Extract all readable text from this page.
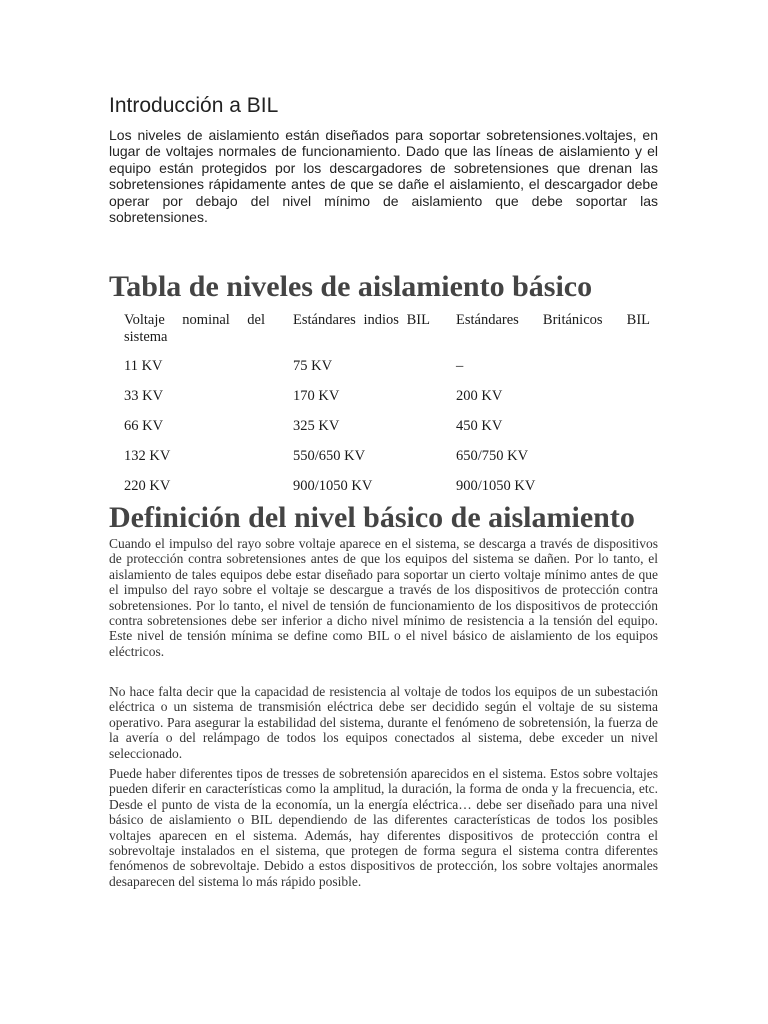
Introducción a BIL

Los niveles de aislamiento están diseñados para soportar sobretensiones.voltajes, en lugar de voltajes normales de funcionamiento. Dado que las líneas de aislamiento y el equipo están protegidos por los descargadores de sobretensiones que drenan las sobretensiones rápidamente antes de que se dañe el aislamiento, el descargador debe operar por debajo del nivel mínimo de aislamiento que debe soportar las sobretensiones.

Tabla de niveles de aislamiento básico
Voltaje nominal del sistema	Estándares indios BIL	Estándares Británicos BIL
11 KV	75 KV	–
33 KV	170 KV	200 KV
66 KV	325 KV	450 KV
132 KV	550/650 KV	650/750 KV
220 KV	900/1050 KV	900/1050 KV
Definición del nivel básico de aislamiento

Cuando el impulso del rayo sobre voltaje aparece en el sistema, se descarga a través de dispositivos de protección contra sobretensiones antes de que los equipos del sistema se dañen. Por lo tanto, el aislamiento de tales equipos debe estar diseñado para soportar un cierto voltaje mínimo antes de que el impulso del rayo sobre el voltaje se descargue a través de los dispositivos de protección contra sobretensiones. Por lo tanto, el nivel de tensión de funcionamiento de los dispositivos de protección contra sobretensiones debe ser inferior a dicho nivel mínimo de resistencia a la tensión del equipo. Este nivel de tensión mínima se define como BIL o el nivel básico de aislamiento de los equipos eléctricos.

No hace falta decir que la capacidad de resistencia al voltaje de todos los equipos de un subestación eléctrica o un sistema de transmisión eléctrica debe ser decidido según el voltaje de su sistema operativo. Para asegurar la estabilidad del sistema, durante el fenómeno de sobretensión, la fuerza de la avería o del relámpago de todos los equipos conectados al sistema, debe exceder un nivel seleccionado.

Puede haber diferentes tipos de tresses de sobretensión aparecidos en el sistema. Estos sobre voltajes pueden diferir en características como la amplitud, la duración, la forma de onda y la frecuencia, etc. Desde el punto de vista de la economía, un la energía eléctrica… debe ser diseñado para una nivel básico de aislamiento o BIL dependiendo de las diferentes características de todos los posibles voltajes aparecen en el sistema. Además, hay diferentes dispositivos de protección contra el sobrevoltaje instalados en el sistema, que protegen de forma segura el sistema contra diferentes fenómenos de sobrevoltaje. Debido a estos dispositivos de protección, los sobre voltajes anormales desaparecen del sistema lo más rápido posible.
